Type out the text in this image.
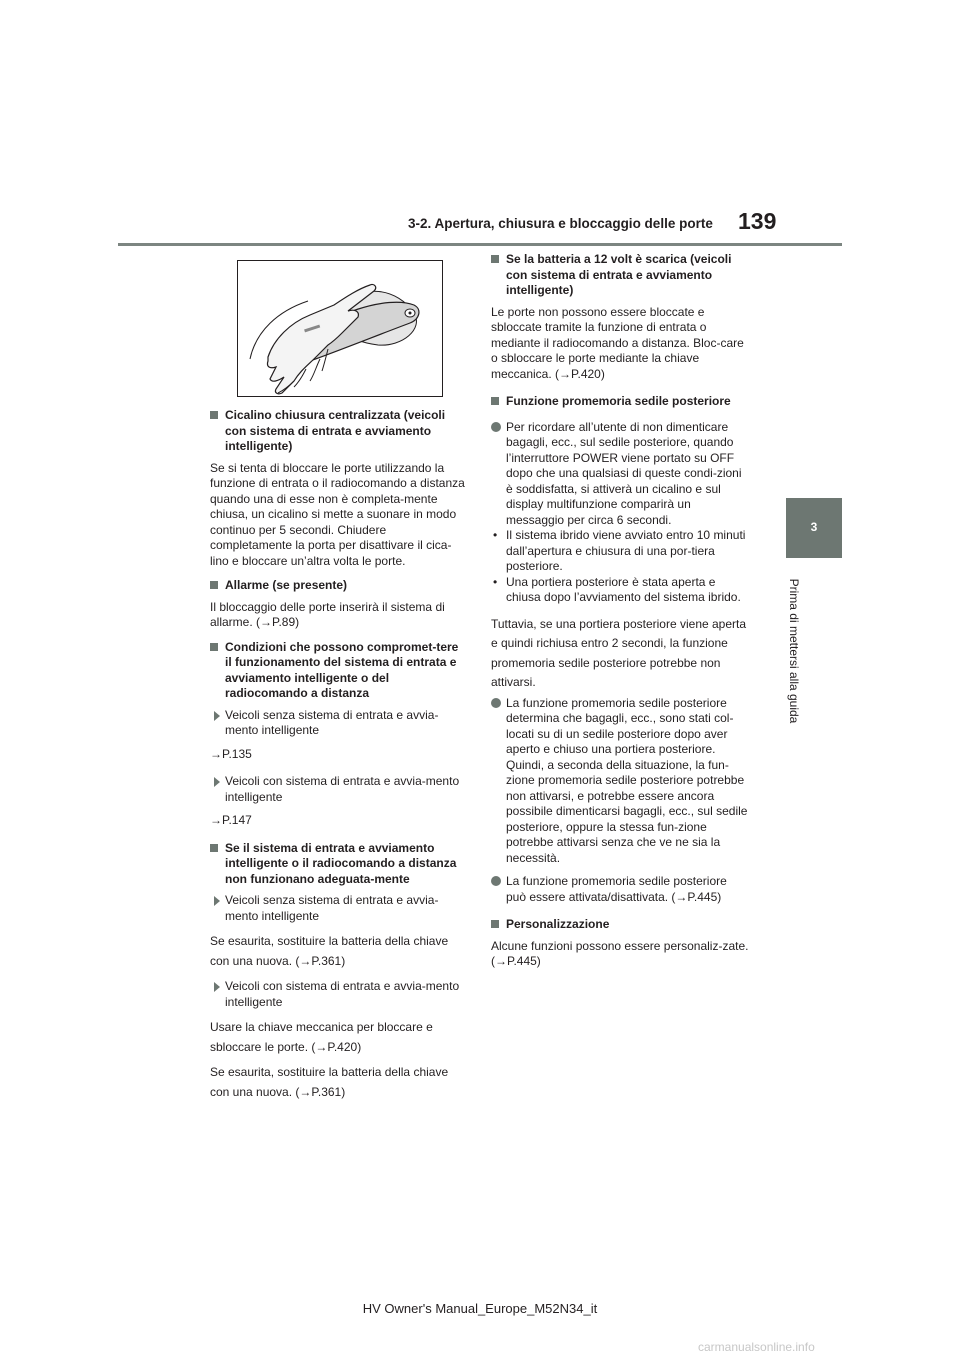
3-2. Apertura, chiusura e bloccaggio delle porte 139
3
Prima di mettersi alla guida
Cicalino chiusura centralizzata (veicoli con sistema di entrata e avviamento intelligente)
Se si tenta di bloccare le porte utilizzando la funzione di entrata o il radiocomando a distanza quando una di esse non è completa-mente chiusa, un cicalino si mette a suonare in modo continuo per 5 secondi. Chiudere completamente la porta per disattivare il cica-lino e bloccare un’altra volta le porte.
Allarme (se presente)
Il bloccaggio delle porte inserirà il sistema di allarme. (→P.89)
Condizioni che possono compromet-tere il funzionamento del sistema di entrata e avviamento intelligente o del radiocomando a distanza
Veicoli senza sistema di entrata e avvia-mento intelligente
→P.135
Veicoli con sistema di entrata e avvia-mento intelligente
→P.147
Se il sistema di entrata e avviamento intelligente o il radiocomando a distanza non funzionano adeguata-mente
Veicoli senza sistema di entrata e avvia-mento intelligente
Se esaurita, sostituire la batteria della chiave con una nuova. (→P.361)
Veicoli con sistema di entrata e avvia-mento intelligente
Usare la chiave meccanica per bloccare e sbloccare le porte. (→P.420)
Se esaurita, sostituire la batteria della chiave con una nuova. (→P.361)
Se la batteria a 12 volt è scarica (veicoli con sistema di entrata e avviamento intelligente)
Le porte non possono essere bloccate e sbloccate tramite la funzione di entrata o mediante il radiocomando a distanza. Bloc-care o sbloccare le porte mediante la chiave meccanica. (→P.420)
Funzione promemoria sedile posteriore
Per ricordare all’utente di non dimenticare bagagli, ecc., sul sedile posteriore, quando l’interruttore POWER viene portato su OFF dopo che una qualsiasi di queste condi-zioni è soddisfatta, si attiverà un cicalino e sul display multifunzione comparirà un messaggio per circa 6 secondi.
• Il sistema ibrido viene avviato entro 10 minuti dall’apertura e chiusura di una por-tiera posteriore.
• Una portiera posteriore è stata aperta e chiusa dopo l’avviamento del sistema ibrido.
Tuttavia, se una portiera posteriore viene aperta e quindi richiusa entro 2 secondi, la funzione promemoria sedile posteriore potrebbe non attivarsi.
La funzione promemoria sedile posteriore determina che bagagli, ecc., sono stati col-locati su di un sedile posteriore dopo aver aperto e chiuso una portiera posteriore. Quindi, a seconda della situazione, la fun-zione promemoria sedile posteriore potrebbe non attivarsi, e potrebbe essere ancora possibile dimenticarsi bagagli, ecc., sul sedile posteriore, oppure la stessa fun-zione potrebbe attivarsi senza che ve ne sia la necessità.
La funzione promemoria sedile posteriore può essere attivata/disattivata. (→P.445)
Personalizzazione
Alcune funzioni possono essere personaliz-zate. (→P.445)
HV Owner's Manual_Europe_M52N34_it
carmanualsonline.info
